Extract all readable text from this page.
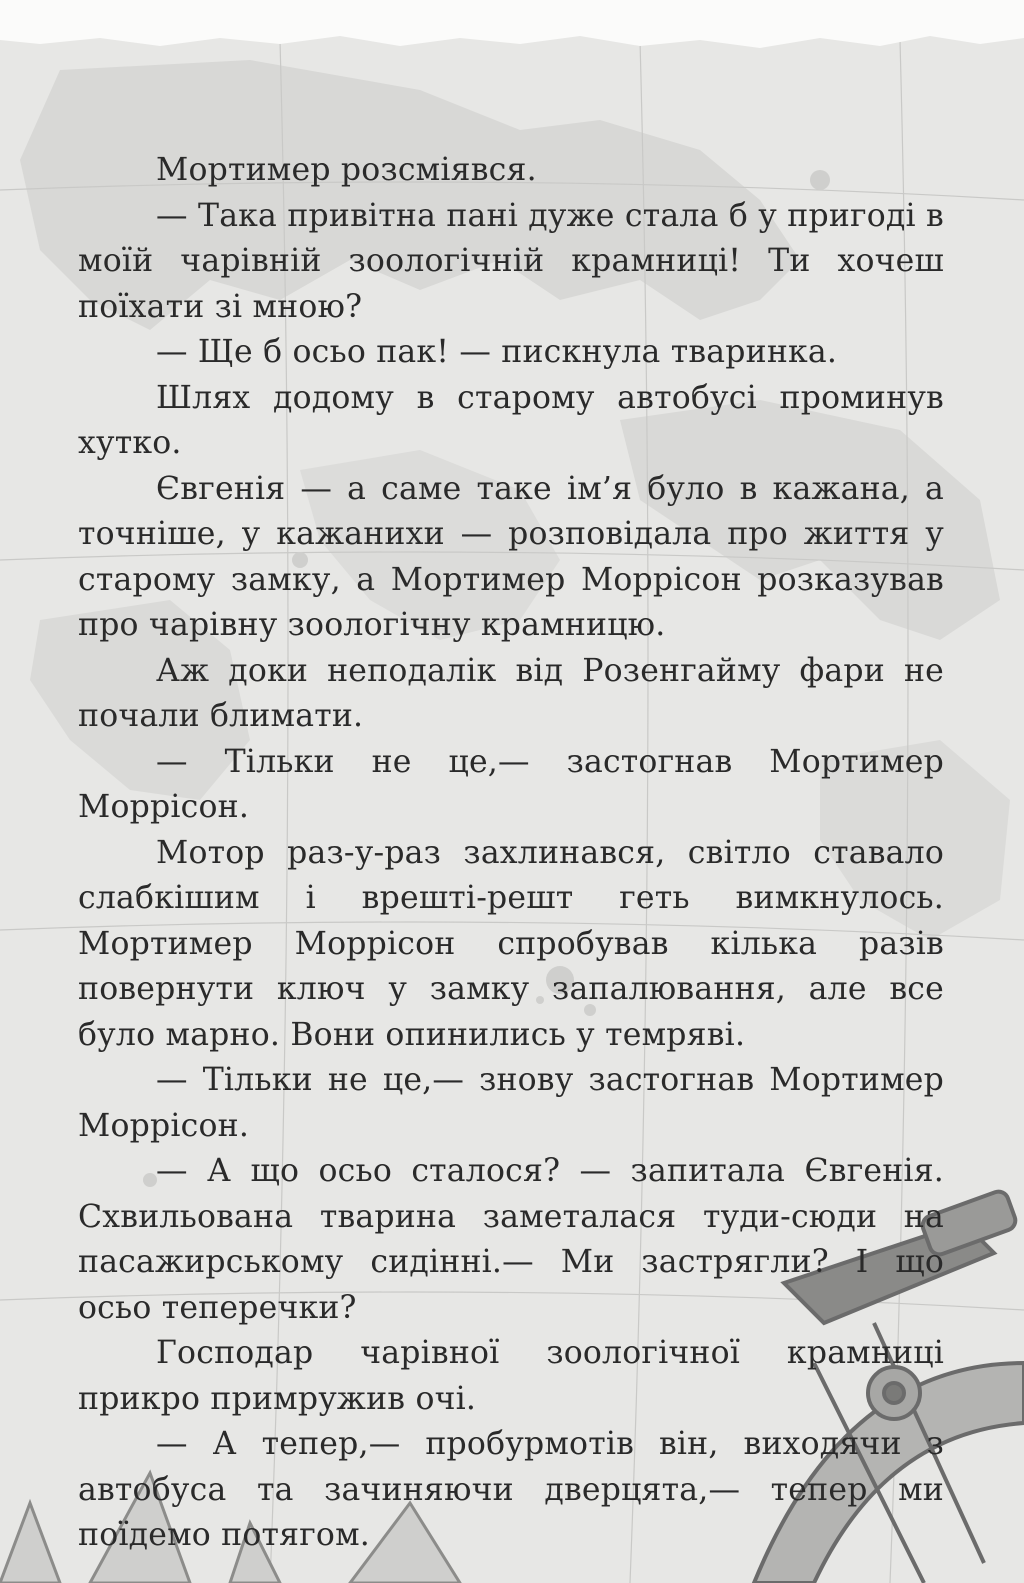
Мортимер розсміявся.

— Така привітна пані дуже стала б у пригоді в моїй чарівній зоологічній крамниці! Ти хочеш поїхати зі мною?

— Ще б осьо пак! — пискнула тваринка.

Шлях додому в старому автобусі проминув хутко.

Євгенія — а саме таке ім’я було в кажана, а точніше, у кажанихи — розповідала про життя у старому замку, а Мортимер Моррісон розказував про чарівну зоологічну крамницю.

Аж доки неподалік від Розенгайму фари не почали блимати.

— Тільки не це,— застогнав Мортимер Моррісон.

Мотор раз-у-раз захлинався, світло ставало слабкішим і врешті-решт геть вимкнулось. Мортимер Моррісон спробував кілька разів повернути ключ у замку запалювання, але все було марно. Вони опинились у темряві.

— Тільки не це,— знову застогнав Мортимер Моррісон.

— А що осьо сталося? — запитала Євгенія. Схвильована тварина заметалася туди-сюди на пасажирському сидінні.— Ми застрягли? І що осьо теперечки?

Господар чарівної зоологічної крамниці прикро примружив очі.

— А тепер,— пробурмотів він, виходячи з автобуса та зачиняючи дверцята,— тепер ми поїдемо потягом.
